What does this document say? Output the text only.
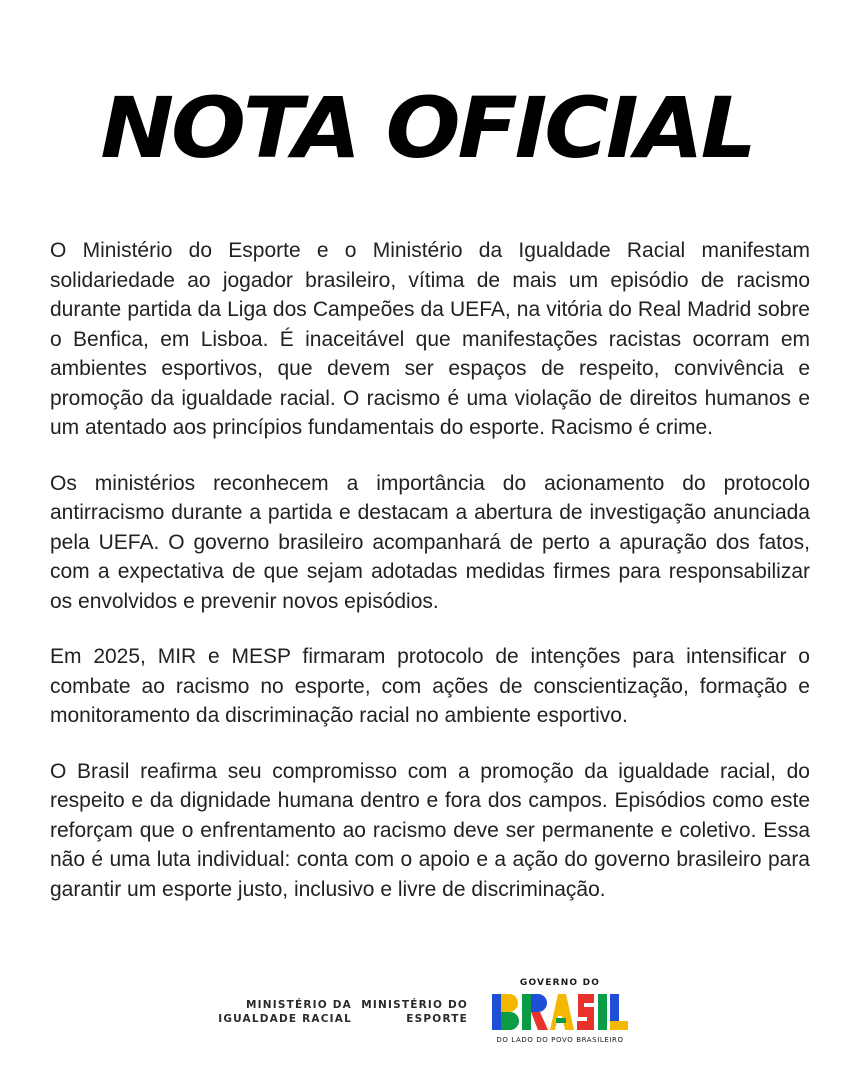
NOTA OFICIAL

O Ministério do Esporte e o Ministério da Igualdade Racial manifestam solidariedade ao jogador brasileiro, vítima de mais um episódio de racismo durante partida da Liga dos Campeões da UEFA, na vitória do Real Madrid sobre o Benfica, em Lisboa. É inaceitável que manifestações racistas ocorram em ambientes esportivos, que devem ser espaços de respeito, convivência e promoção da igualdade racial. O racismo é uma violação de direitos humanos e um atentado aos princípios fundamentais do esporte. Racismo é crime.

Os ministérios reconhecem a importância do acionamento do protocolo antirracismo durante a partida e destacam a abertura de investigação anunciada pela UEFA. O governo brasileiro acompanhará de perto a apuração dos fatos, com a expectativa de que sejam adotadas medidas firmes para responsabilizar os envolvidos e prevenir novos episódios.

Em 2025, MIR e MESP firmaram protocolo de intenções para intensificar o combate ao racismo no esporte, com ações de conscientização, formação e monitoramento da discriminação racial no ambiente esportivo.

O Brasil reafirma seu compromisso com a promoção da igualdade racial, do respeito e da dignidade humana dentro e fora dos campos. Episódios como este reforçam que o enfrentamento ao racismo deve ser permanente e coletivo. Essa não é uma luta individual: conta com o apoio e a ação do governo brasileiro para garantir um esporte justo, inclusivo e livre de discriminação.

MINISTÉRIO DA
IGUALDADE RACIAL
MINISTÉRIO DO
ESPORTE
GOVERNO DO
DO LADO DO POVO BRASILEIRO
